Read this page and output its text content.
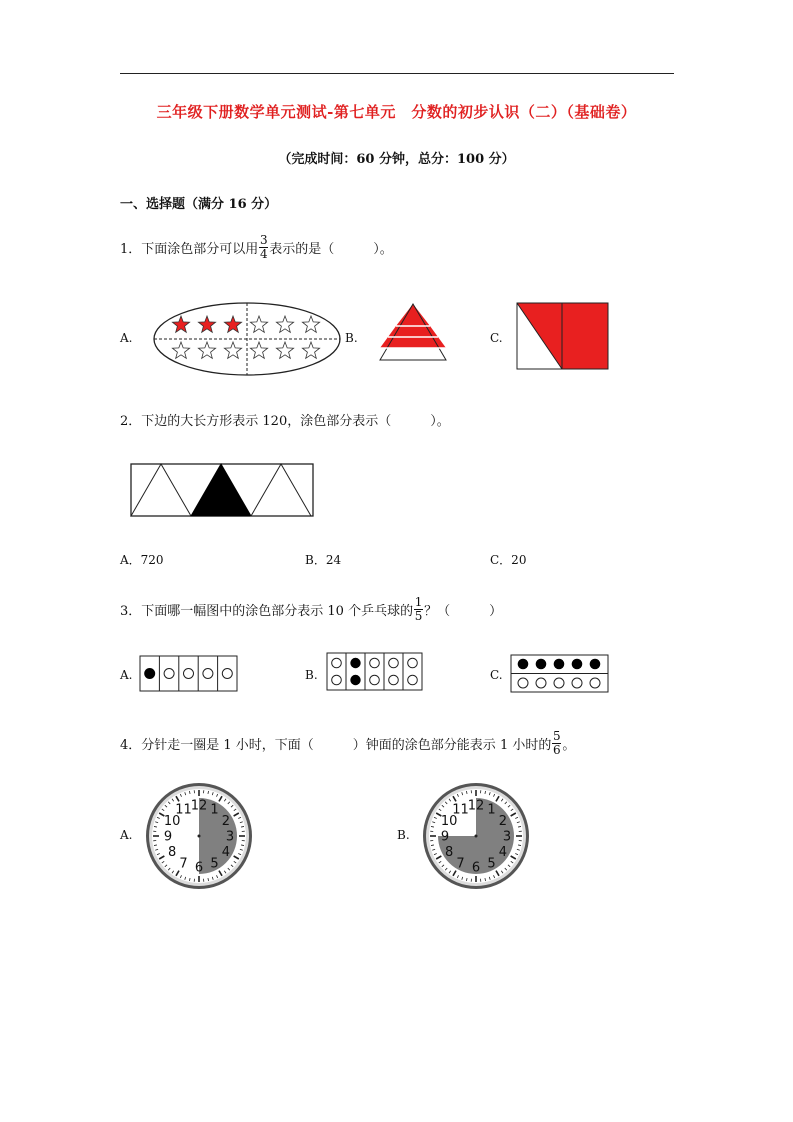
三年级下册数学单元测试-第七单元　分数的初步认识（二）（基础卷）
（完成时间：60 分钟，总分：100 分）
一、选择题（满分 16 分）
1．下面涂色部分可以用 $\frac{3}{4}$ 表示的是（　　　）。
A.	B.	C.
2．下边的大长方形表示 120，涂色部分表示（　　　）。
A．720	B．24	C．20
3．下面哪一幅图中的涂色部分表示 10 个乒乓球的 $\frac{1}{5}$ ？（　　　）
A.	B.	C.
4．分针走一圈是 1 小时，下面（　　　）钟面的涂色部分能表示 1 小时的 $\frac{5}{6}$ 。
A.	B.
12 1
2
3
4
5
6
7
8
9
10
11	12 1
2
3
4
5
6
7
8
9
10
11
